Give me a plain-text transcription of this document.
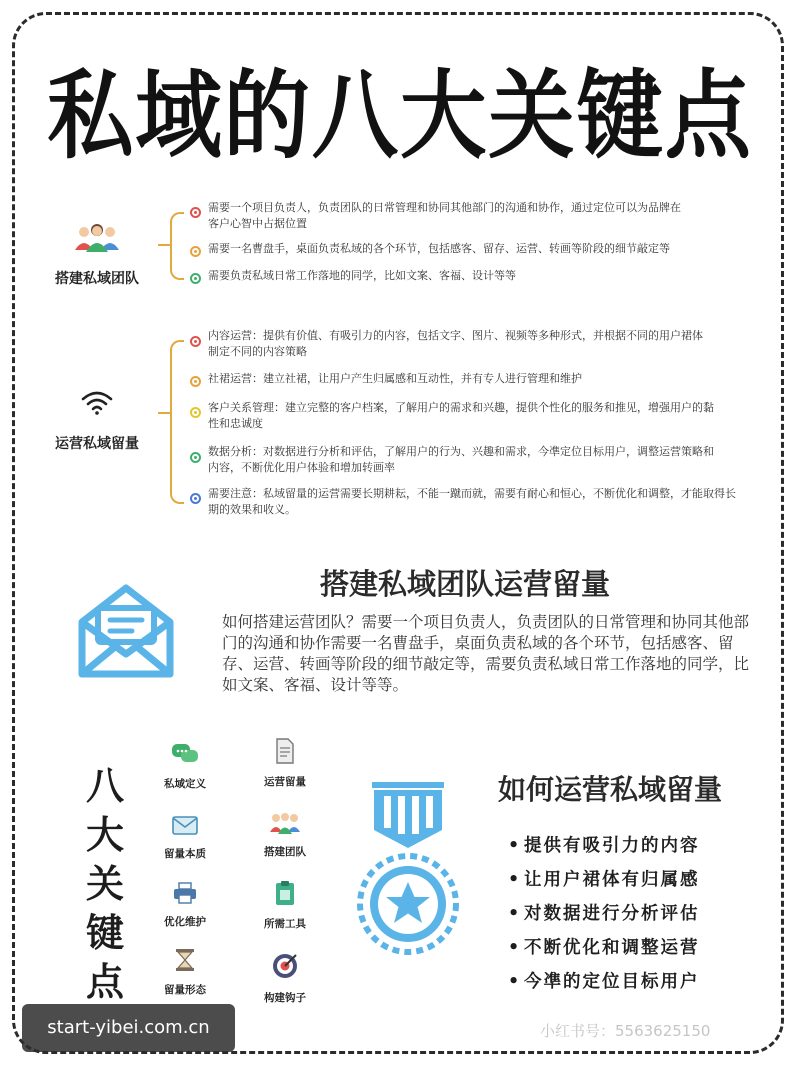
私域的八大关键点
搭建私域团队
需要一个项目负责人，负责团队的日常管理和协同其他部门的沟通和协作，通过定位可以为品牌在
客户心智中占据位置
需要一名曹盘手，桌面负责私域的各个环节，包括感客、留存、运营、转画等阶段的细节敲定等
需要负责私域日常工作落地的同学，比如文案、客福、设计等等
运营私域留量
内容运营：提供有价值、有吸引力的内容，包括文字、图片、视频等多种形式，并根据不同的用户裙体
制定不同的内容策略
社裙运营：建立社裙，让用户产生归属感和互动性，并有专人进行管理和维护
客户关系管理：建立完整的客户档案，了解用户的需求和兴趣，提供个性化的服务和推见，增强用户的黏
性和忠诚度
数据分析：对数据进行分析和评估，了解用户的行为、兴趣和需求，今凖定位目标用户，调整运营策略和
内容，不断优化用户体验和增加转画率
需要注意：私域留量的运营需要长期耕耘，不能一蹴而就，需要有耐心和恒心，不断优化和调整，才能取得长
期的效果和收义。
搭建私域团队运营留量
如何搭建运营团队？需要一个项目负责人，负责团队的日常管理和协同其他部门的沟通和协作需要一名曹盘手，桌面负责私域的各个环节，包括感客、留存、运营、转画等阶段的细节敲定等，需要负责私域日常工作落地的同学，比如文案、客福、设计等等。
八
大
关
键
点
私域定义	运营留量
留量本质	搭建团队
优化维护	所需工具
留量形态
构建钩子
如何运营私域留量
• 提供有吸引力的内容
• 让用户裙体有归属感
• 对数据进行分析评估
• 不断优化和调整运营
• 今凖的定位目标用户
小红书号：5563625150
start-yibei.com.cn
